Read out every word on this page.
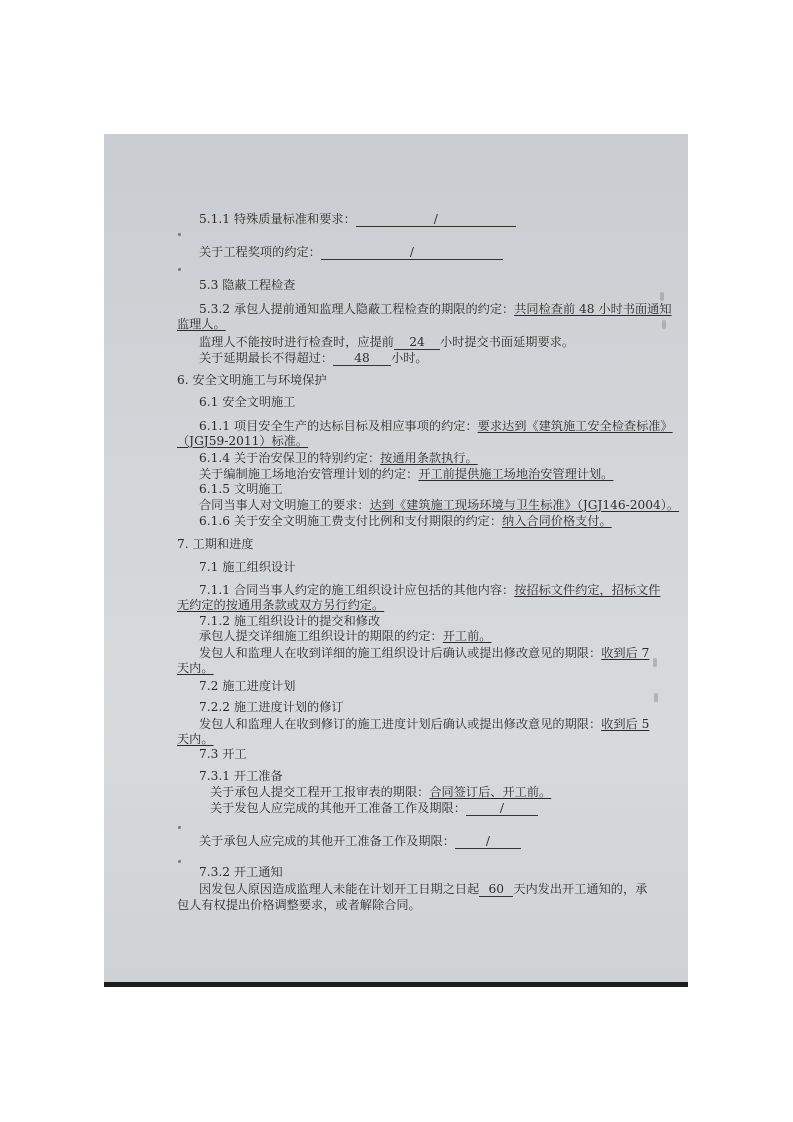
5.1.1 特殊质量标准和要求：	/
关于工程奖项的约定：	/
5.3 隐蔽工程检查
5.3.2 承包人提前通知监理人隐蔽工程检查的期限的约定：共同检查前 48 小时书面通知
监理人。
监理人不能按时进行检查时，应提前 24 小时提交书面延期要求。
关于延期最长不得超过： 48 小时。
6. 安全文明施工与环境保护
6.1 安全文明施工
6.1.1 项目安全生产的达标目标及相应事项的约定：要求达到《建筑施工安全检查标准》
（JGJ59-2011）标准。
6.1.4 关于治安保卫的特别约定：按通用条款执行。
关于编制施工场地治安管理计划的约定：开工前提供施工场地治安管理计划。
6.1.5 文明施工
合同当事人对文明施工的要求：达到《建筑施工现场环境与卫生标准》（JGJ146-2004）。
6.1.6 关于安全文明施工费支付比例和支付期限的约定：纳入合同价格支付。
7. 工期和进度
7.1 施工组织设计
7.1.1 合同当事人约定的施工组织设计应包括的其他内容：按招标文件约定，招标文件
无约定的按通用条款或双方另行约定。
7.1.2 施工组织设计的提交和修改
承包人提交详细施工组织设计的期限的约定：开工前。
发包人和监理人在收到详细的施工组织设计后确认或提出修改意见的期限：收到后 7
天内。
7.2 施工进度计划
7.2.2 施工进度计划的修订
发包人和监理人在收到修订的施工进度计划后确认或提出修改意见的期限：收到后 5
天内。
7.3 开工
7.3.1 开工准备
关于承包人提交工程开工报审表的期限：合同签订后、开工前。
关于发包人应完成的其他开工准备工作及期限：	/
关于承包人应完成的其他开工准备工作及期限：	/
7.3.2 开工通知
因发包人原因造成监理人未能在计划开工日期之日起 60 天内发出开工通知的，承
包人有权提出价格调整要求，或者解除合同。
